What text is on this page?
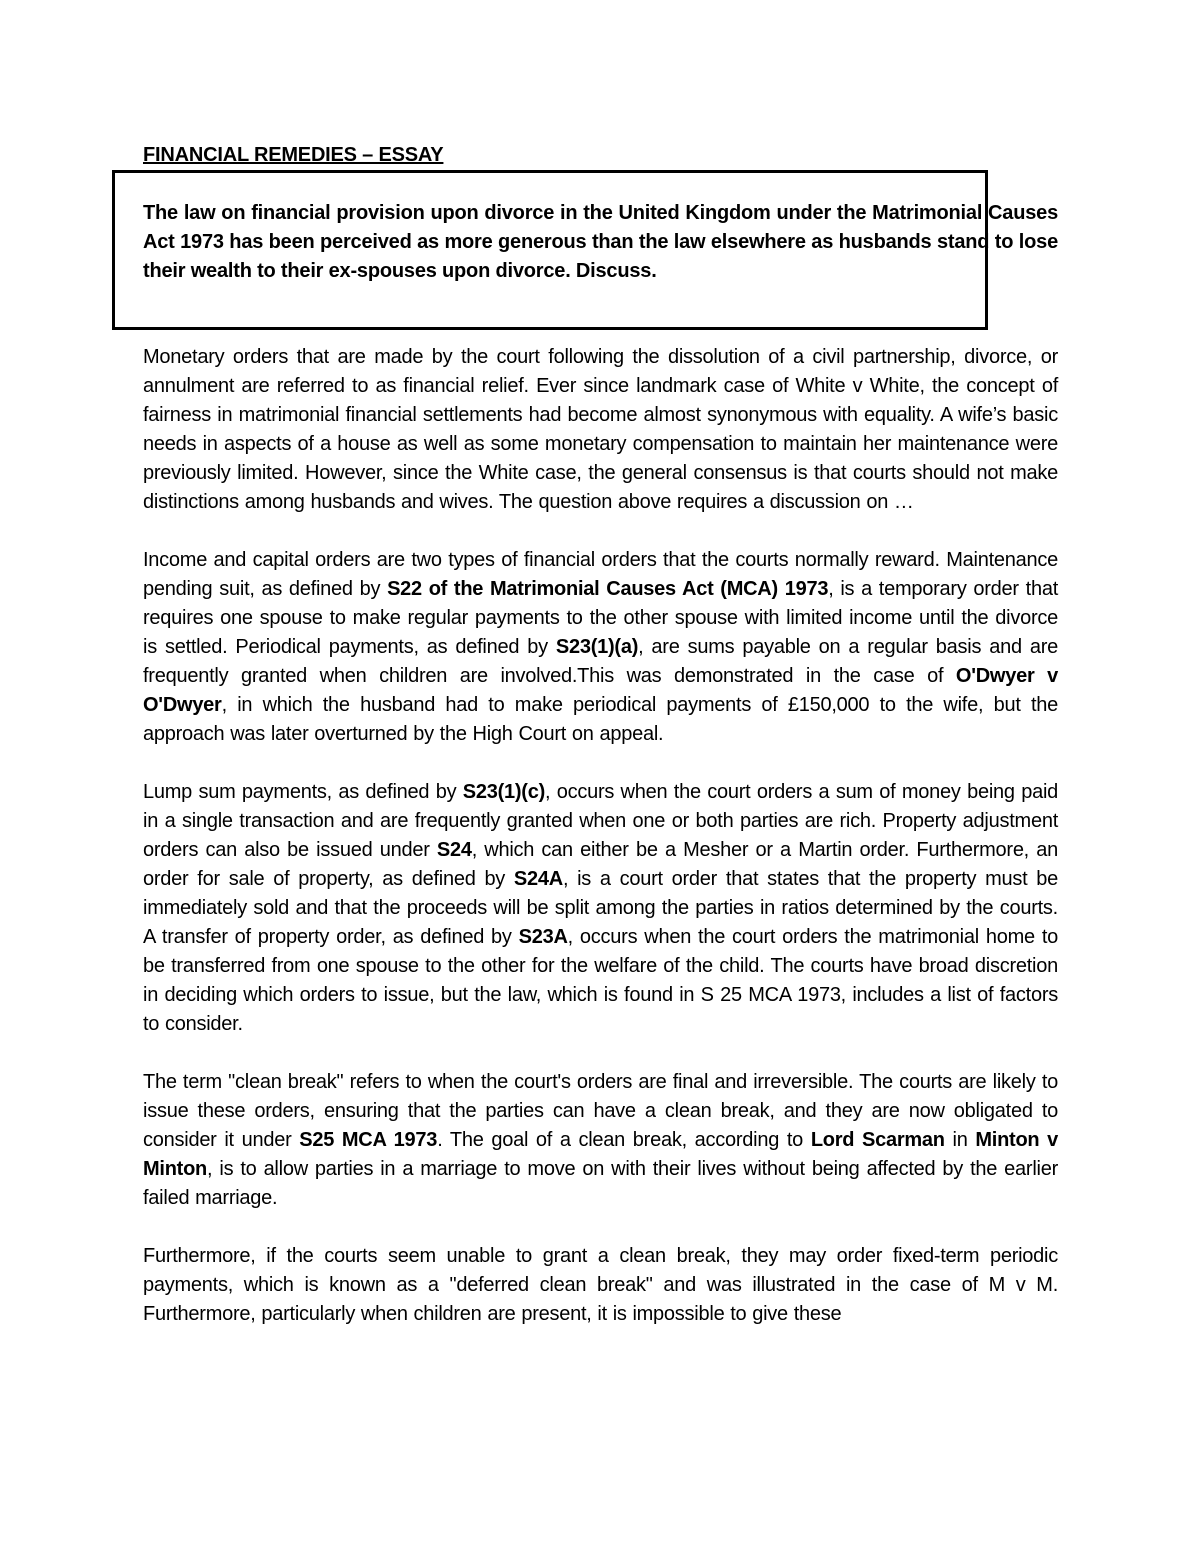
FINANCIAL REMEDIES – ESSAY

The law on financial provision upon divorce in the United Kingdom under the Matrimonial Causes Act 1973 has been perceived as more generous than the law elsewhere as husbands stand to lose their wealth to their ex-spouses upon divorce. Discuss.

Monetary orders that are made by the court following the dissolution of a civil partnership, divorce, or annulment are referred to as financial relief. Ever since landmark case of White v White, the concept of fairness in matrimonial financial settlements had become almost synonymous with equality. A wife’s basic needs in aspects of a house as well as some monetary compensation to maintain her maintenance were previously limited. However, since the White case, the general consensus is that courts should not make distinctions among husbands and wives. The question above requires a discussion on …

Income and capital orders are two types of financial orders that the courts normally reward. Maintenance pending suit, as defined by S22 of the Matrimonial Causes Act (MCA) 1973, is a temporary order that requires one spouse to make regular payments to the other spouse with limited income until the divorce is settled. Periodical payments, as defined by S23(1)(a), are sums payable on a regular basis and are frequently granted when children are involved.This was demonstrated in the case of O'Dwyer v O'Dwyer, in which the husband had to make periodical payments of £150,000 to the wife, but the approach was later overturned by the High Court on appeal.

Lump sum payments, as defined by S23(1)(c), occurs when the court orders a sum of money being paid in a single transaction and are frequently granted when one or both parties are rich. Property adjustment orders can also be issued under S24, which can either be a Mesher or a Martin order. Furthermore, an order for sale of property, as defined by S24A, is a court order that states that the property must be immediately sold and that the proceeds will be split among the parties in ratios determined by the courts. A transfer of property order, as defined by S23A, occurs when the court orders the matrimonial home to be transferred from one spouse to the other for the welfare of the child. The courts have broad discretion in deciding which orders to issue, but the law, which is found in S 25 MCA 1973, includes a list of factors to consider.

The term "clean break" refers to when the court's orders are final and irreversible. The courts are likely to issue these orders, ensuring that the parties can have a clean break, and they are now obligated to consider it under S25 MCA 1973. The goal of a clean break, according to Lord Scarman in Minton v Minton, is to allow parties in a marriage to move on with their lives without being affected by the earlier failed marriage.

Furthermore, if the courts seem unable to grant a clean break, they may order fixed-term periodic payments, which is known as a "deferred clean break" and was illustrated in the case of M v M. Furthermore, particularly when children are present, it is impossible to give these
